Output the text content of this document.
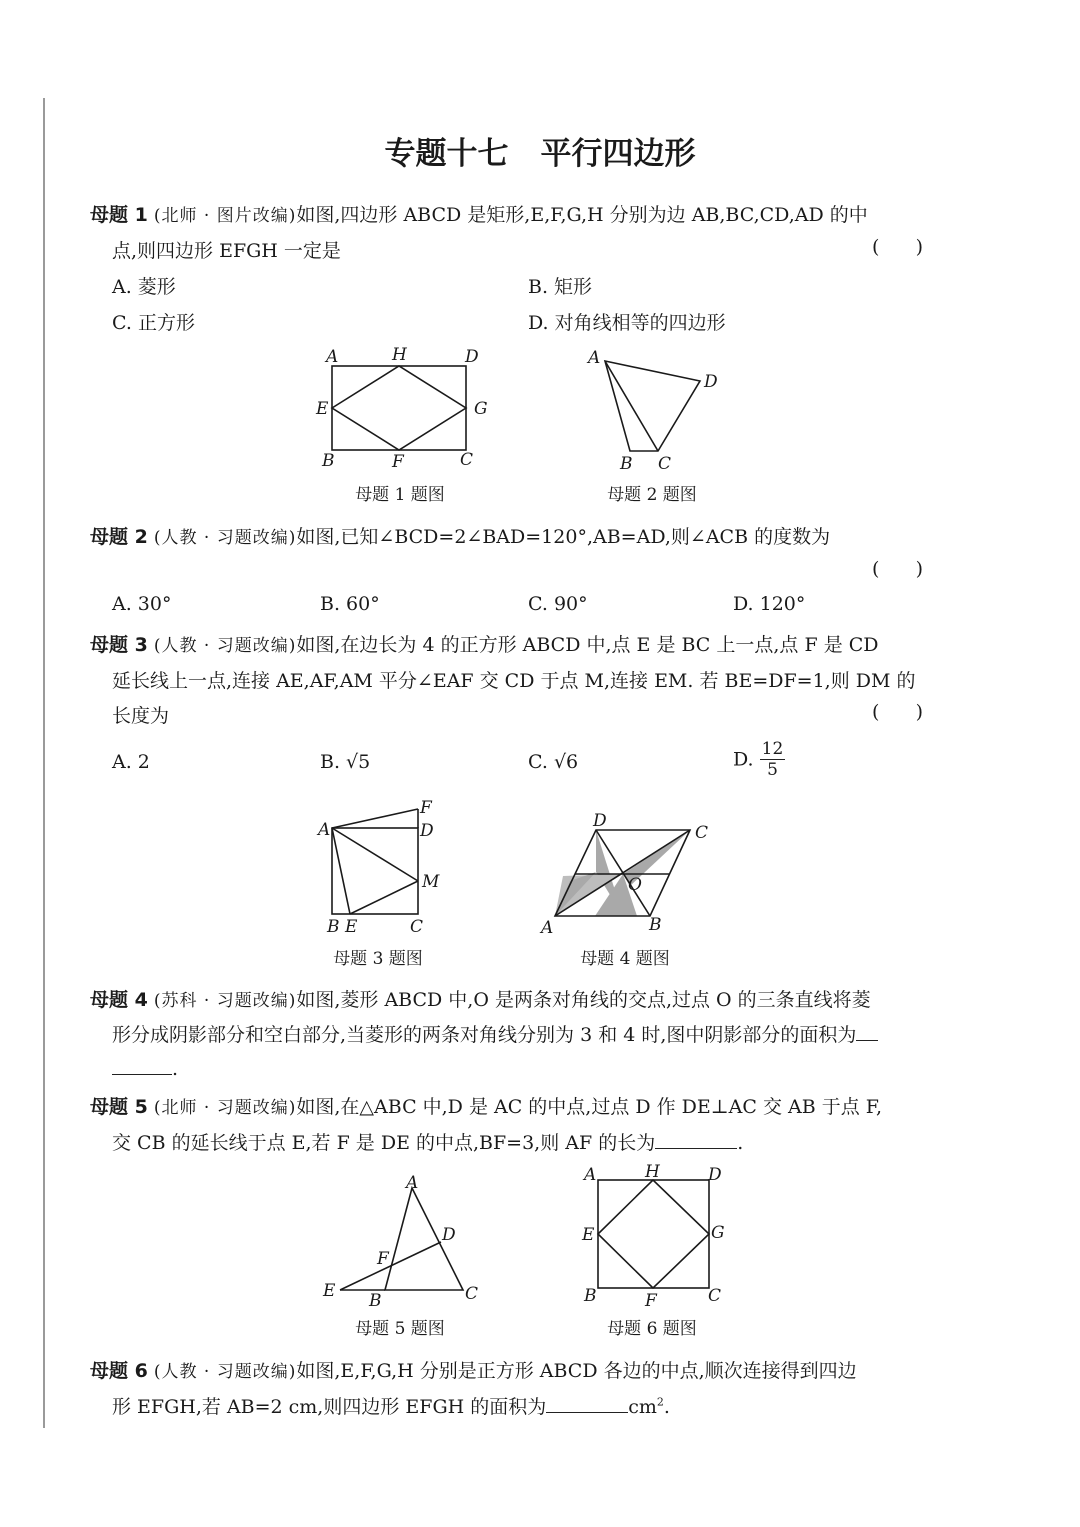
专题十七 平行四边形
母题 1 (北师 · 图片改编)如图,四边形 ABCD 是矩形,E,F,G,H 分别为边 AB,BC,CD,AD 的中
点,则四边形 EFGH 一定是	(      )
A. 菱形	B. 矩形
C. 正方形	D. 对角线相等的四边形
A	H	D
E	G
B	F	C
母题 1 题图
A
D
B C
母题 2 题图
母题 2 (人教 · 习题改编)如图,已知∠BCD=2∠BAD=120°,AB=AD,则∠ACB 的度数为
(      )
A. 30°	B. 60°	C. 90°	D. 120°
母题 3 (人教 · 习题改编)如图,在边长为 4 的正方形 ABCD 中,点 E 是 BC 上一点,点 F 是 CD
延长线上一点,连接 AE,AF,AM 平分∠EAF 交 CD 于点 M,连接 EM. 若 BE=DF=1,则 DM 的
长度为	(      )
A. 2	B. √5	C. √6	D. $\frac{12}{5}$
F
A	D
M
B E	C
母题 3 题图
D
C
O
A	B
母题 4 题图
母题 4 (苏科 · 习题改编)如图,菱形 ABCD 中,O 是两条对角线的交点,过点 O 的三条直线将菱
形分成阴影部分和空白部分,当菱形的两条对角线分别为 3 和 4 时,图中阴影部分的面积为
.
母题 5 (北师 · 习题改编)如图,在△ABC 中,D 是 AC 的中点,过点 D 作 DE⊥AC 交 AB 于点 F,
交 CB 的延长线于点 E,若 F 是 DE 的中点,BF=3,则 AF 的长为	.
A
D
F
E B	C
母题 5 题图
A	H	D
E	G
B	F	C
母题 6 题图
母题 6 (人教 · 习题改编)如图,E,F,G,H 分别是正方形 ABCD 各边的中点,顺次连接得到四边
形 EFGH,若 AB=2 cm,则四边形 EFGH 的面积为	$cm^2$.
